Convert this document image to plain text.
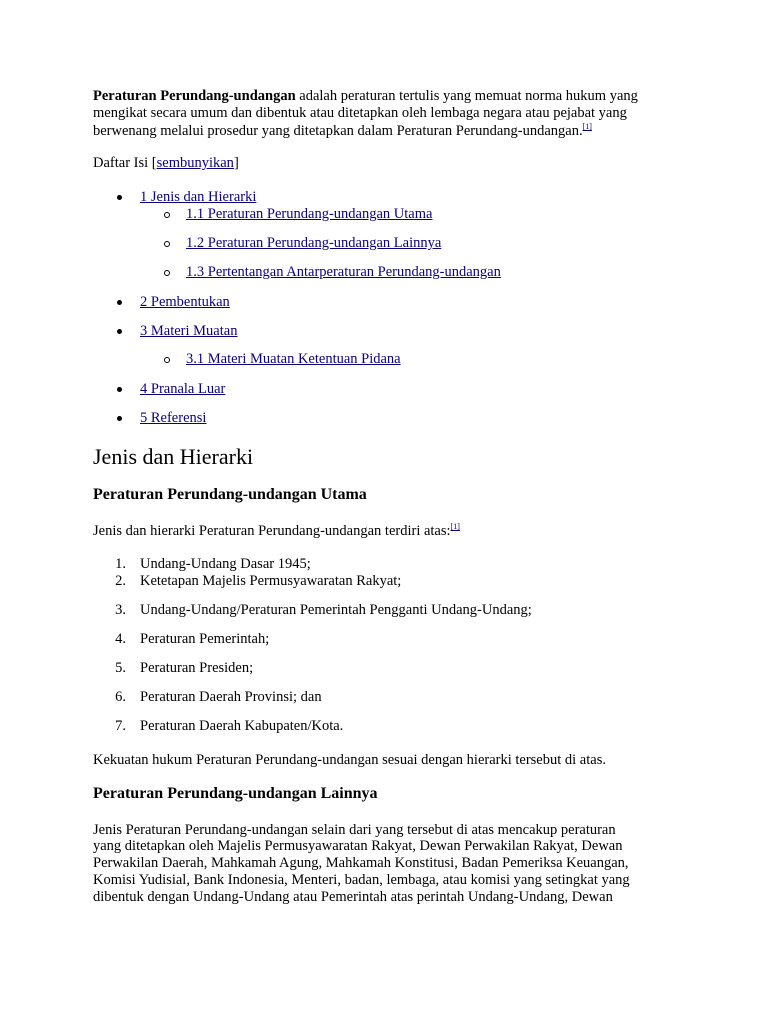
Peraturan Perundang-undangan adalah peraturan tertulis yang memuat norma hukum yang
mengikat secara umum dan dibentuk atau ditetapkan oleh lembaga negara atau pejabat yang
berwenang melalui prosedur yang ditetapkan dalam Peraturan Perundang-undangan.[1]
Daftar Isi [sembunyikan]
1 Jenis dan Hierarki
1.1 Peraturan Perundang-undangan Utama
1.2 Peraturan Perundang-undangan Lainnya
1.3 Pertentangan Antarperaturan Perundang-undangan
2 Pembentukan
3 Materi Muatan
3.1 Materi Muatan Ketentuan Pidana
4 Pranala Luar
5 Referensi
Jenis dan Hierarki
Peraturan Perundang-undangan Utama
Jenis dan hierarki Peraturan Perundang-undangan terdiri atas:[1]
1. Undang-Undang Dasar 1945;
2. Ketetapan Majelis Permusyawaratan Rakyat;
3. Undang-Undang/Peraturan Pemerintah Pengganti Undang-Undang;
4. Peraturan Pemerintah;
5. Peraturan Presiden;
6. Peraturan Daerah Provinsi; dan
7. Peraturan Daerah Kabupaten/Kota.
Kekuatan hukum Peraturan Perundang-undangan sesuai dengan hierarki tersebut di atas.
Peraturan Perundang-undangan Lainnya
Jenis Peraturan Perundang-undangan selain dari yang tersebut di atas mencakup peraturan
yang ditetapkan oleh Majelis Permusyawaratan Rakyat, Dewan Perwakilan Rakyat, Dewan
Perwakilan Daerah, Mahkamah Agung, Mahkamah Konstitusi, Badan Pemeriksa Keuangan,
Komisi Yudisial, Bank Indonesia, Menteri, badan, lembaga, atau komisi yang setingkat yang
dibentuk dengan Undang-Undang atau Pemerintah atas perintah Undang-Undang, Dewan
